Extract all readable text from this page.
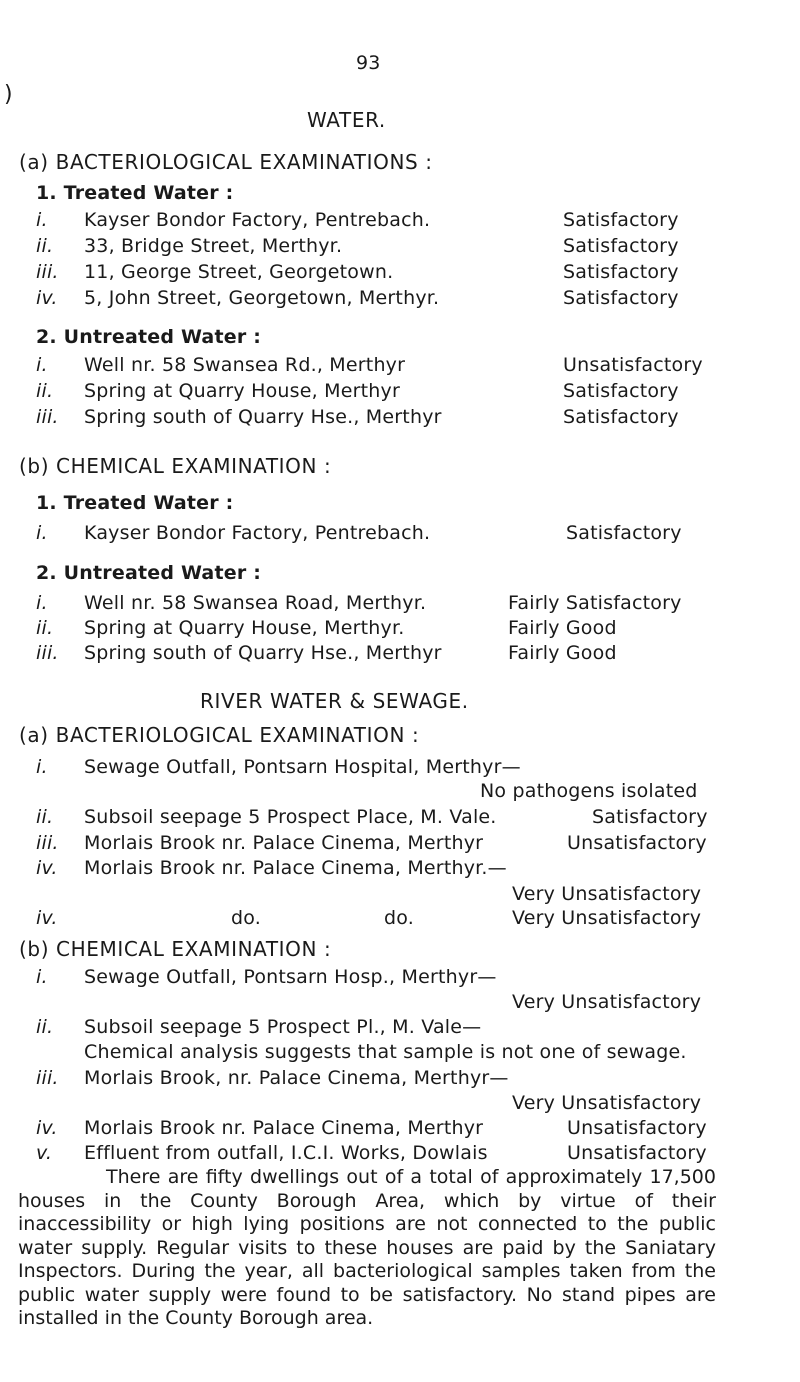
)
93
WATER.
(a) BACTERIOLOGICAL EXAMINATIONS :
1. Treated Water :
i. Kayser Bondor Factory, Pentrebach.	Satisfactory
ii. 33, Bridge Street, Merthyr.	Satisfactory
iii. 11, George Street, Georgetown.	Satisfactory
iv. 5, John Street, Georgetown, Merthyr.	Satisfactory
2. Untreated Water :
i. Well nr. 58 Swansea Rd., Merthyr	Unsatisfactory
ii. Spring at Quarry House, Merthyr	Satisfactory
iii. Spring south of Quarry Hse., Merthyr	Satisfactory
(b) CHEMICAL EXAMINATION :
1. Treated Water :
i. Kayser Bondor Factory, Pentrebach.	Satisfactory
2. Untreated Water :
i. Well nr. 58 Swansea Road, Merthyr.	Fairly Satisfactory
ii. Spring at Quarry House, Merthyr.	Fairly Good
iii. Spring south of Quarry Hse., Merthyr	Fairly Good
RIVER WATER & SEWAGE.
(a) BACTERIOLOGICAL EXAMINATION :
i. Sewage Outfall, Pontsarn Hospital, Merthyr—
No pathogens isolated
ii. Subsoil seepage 5 Prospect Place, M. Vale.	Satisfactory
iii. Morlais Brook nr. Palace Cinema, Merthyr	Unsatisfactory
iv. Morlais Brook nr. Palace Cinema, Merthyr.—
Very Unsatisfactory
iv.	do.	do.	Very Unsatisfactory
(b) CHEMICAL EXAMINATION :
i. Sewage Outfall, Pontsarn Hosp., Merthyr—
Very Unsatisfactory
ii. Subsoil seepage 5 Prospect Pl., M. Vale—
Chemical analysis suggests that sample is not one of sewage.
iii. Morlais Brook, nr. Palace Cinema, Merthyr—
Very Unsatisfactory
iv. Morlais Brook nr. Palace Cinema, Merthyr	Unsatisfactory
v. Effluent from outfall, I.C.I. Works, Dowlais	Unsatisfactory
There are fifty dwellings out of a total of approximately 17,500 houses in the County Borough Area, which by virtue of their inaccessibility or high lying positions are not connected to the public water supply. Regular visits to these houses are paid by the Saniatary Inspectors. During the year, all bacteriological samples taken from the public water supply were found to be satisfactory. No stand pipes are installed in the County Borough area.
